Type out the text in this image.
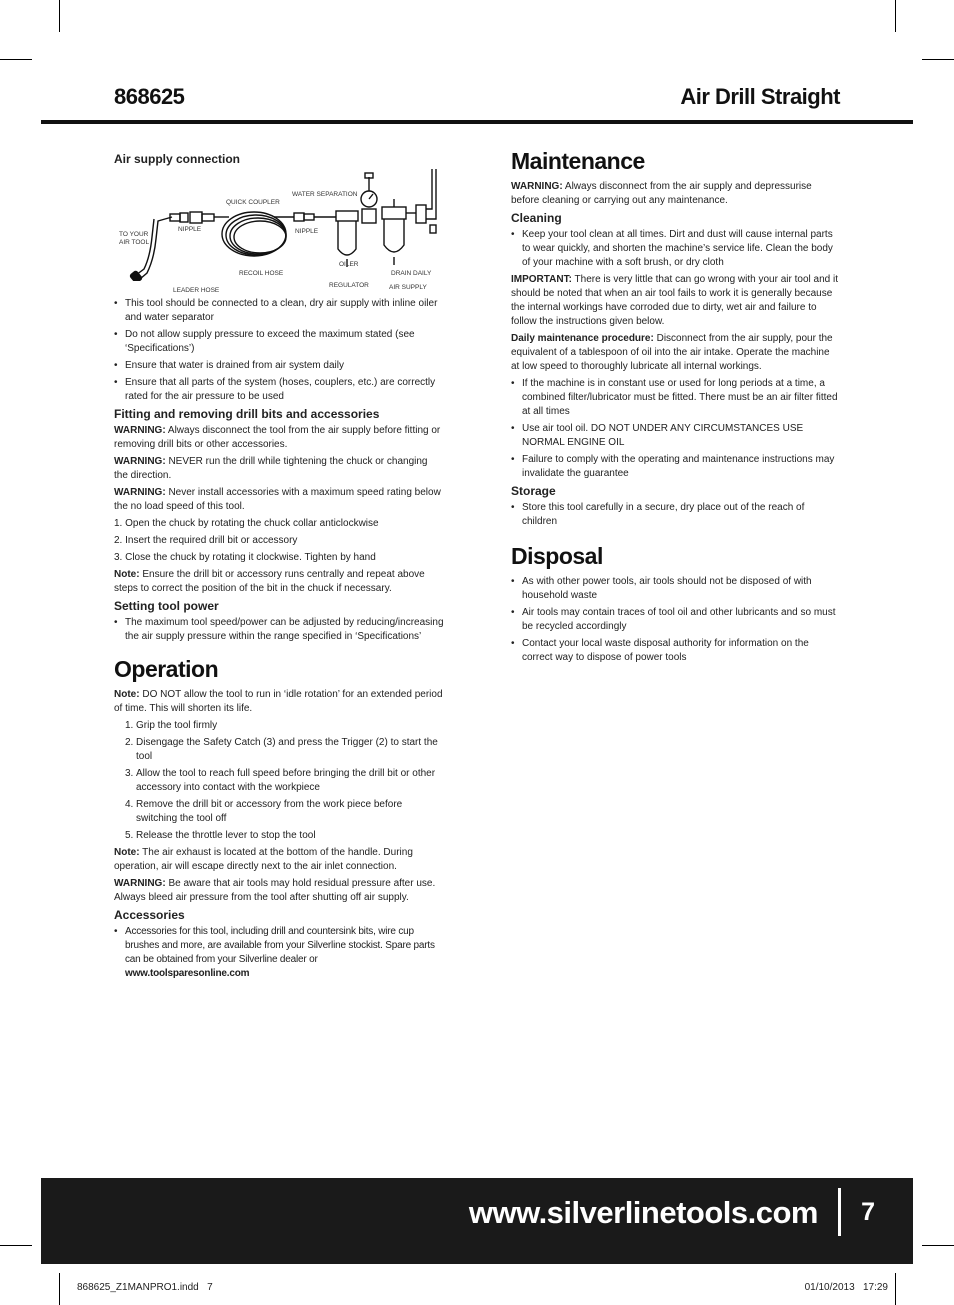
868625	Air Drill Straight
Air supply connection
WATER SEPARATION
QUICK COUPLER
TO YOUR
AIR TOOL
NIPPLE	NIPPLE
OILER
DRAIN DAILY
RECOIL HOSE
REGULATOR
LEADER HOSE	AIR SUPPLY
• This tool should be connected to a clean, dry air supply with inline oiler and water separator
• Do not allow supply pressure to exceed the maximum stated (see ‘Specifications’)
• Ensure that water is drained from air system daily
• Ensure that all parts of the system (hoses, couplers, etc.) are correctly rated for the air pressure to be used
Fitting and removing drill bits and accessories

WARNING: Always disconnect the tool from the air supply before fitting or removing drill bits or other accessories.

WARNING: NEVER run the drill while tightening the chuck or changing the direction.

WARNING: Never install accessories with a maximum speed rating below the no load speed of this tool.

1. Open the chuck by rotating the chuck collar anticlockwise
2. Insert the required drill bit or accessory
3. Close the chuck by rotating it clockwise. Tighten by hand

Note: Ensure the drill bit or accessory runs centrally and repeat above steps to correct the position of the bit in the chuck if necessary.

Setting tool power
• The maximum tool speed/power can be adjusted by reducing/increasing the air supply pressure within the range specified in ‘Specifications’
Operation

Note: DO NOT allow the tool to run in ‘idle rotation’ for an extended period of time. This will shorten its life.

1. Grip the tool firmly
2. Disengage the Safety Catch (3) and press the Trigger (2) to start the tool
3. Allow the tool to reach full speed before bringing the drill bit or other accessory into contact with the workpiece
4. Remove the drill bit or accessory from the work piece before switching the tool off
5. Release the throttle lever to stop the tool

Note: The air exhaust is located at the bottom of the handle. During operation, air will escape directly next to the air inlet connection.

WARNING: Be aware that air tools may hold residual pressure after use. Always bleed air pressure from the tool after shutting off air supply.

Accessories
• Accessories for this tool, including drill and countersink bits, wire cup brushes and more, are available from your Silverline stockist. Spare parts can be obtained from your Silverline dealer or www.toolsparesonline.com
Maintenance

WARNING: Always disconnect from the air supply and depressurise before cleaning or carrying out any maintenance.

Cleaning
• Keep your tool clean at all times. Dirt and dust will cause internal parts to wear quickly, and shorten the machine’s service life. Clean the body of your machine with a soft brush, or dry cloth

IMPORTANT: There is very little that can go wrong with your air tool and it should be noted that when an air tool fails to work it is generally because the internal workings have corroded due to dirty, wet air and failure to follow the instructions given below.

Daily maintenance procedure: Disconnect from the air supply, pour the equivalent of a tablespoon of oil into the air intake. Operate the machine at low speed to thoroughly lubricate all internal workings.

• If the machine is in constant use or used for long periods at a time, a combined filter/lubricator must be fitted. There must be an air filter fitted at all times
• Use air tool oil. DO NOT UNDER ANY CIRCUMSTANCES USE NORMAL ENGINE OIL
• Failure to comply with the operating and maintenance instructions may invalidate the guarantee
Storage
• Store this tool carefully in a secure, dry place out of the reach of children
Disposal
• As with other power tools, air tools should not be disposed of with household waste
• Air tools may contain traces of tool oil and other lubricants and so must be recycled accordingly
• Contact your local waste disposal authority for information on the correct way to dispose of power tools
www.silverlinetools.com 7
868625_Z1MANPRO1.indd   7	01/10/2013   17:29
